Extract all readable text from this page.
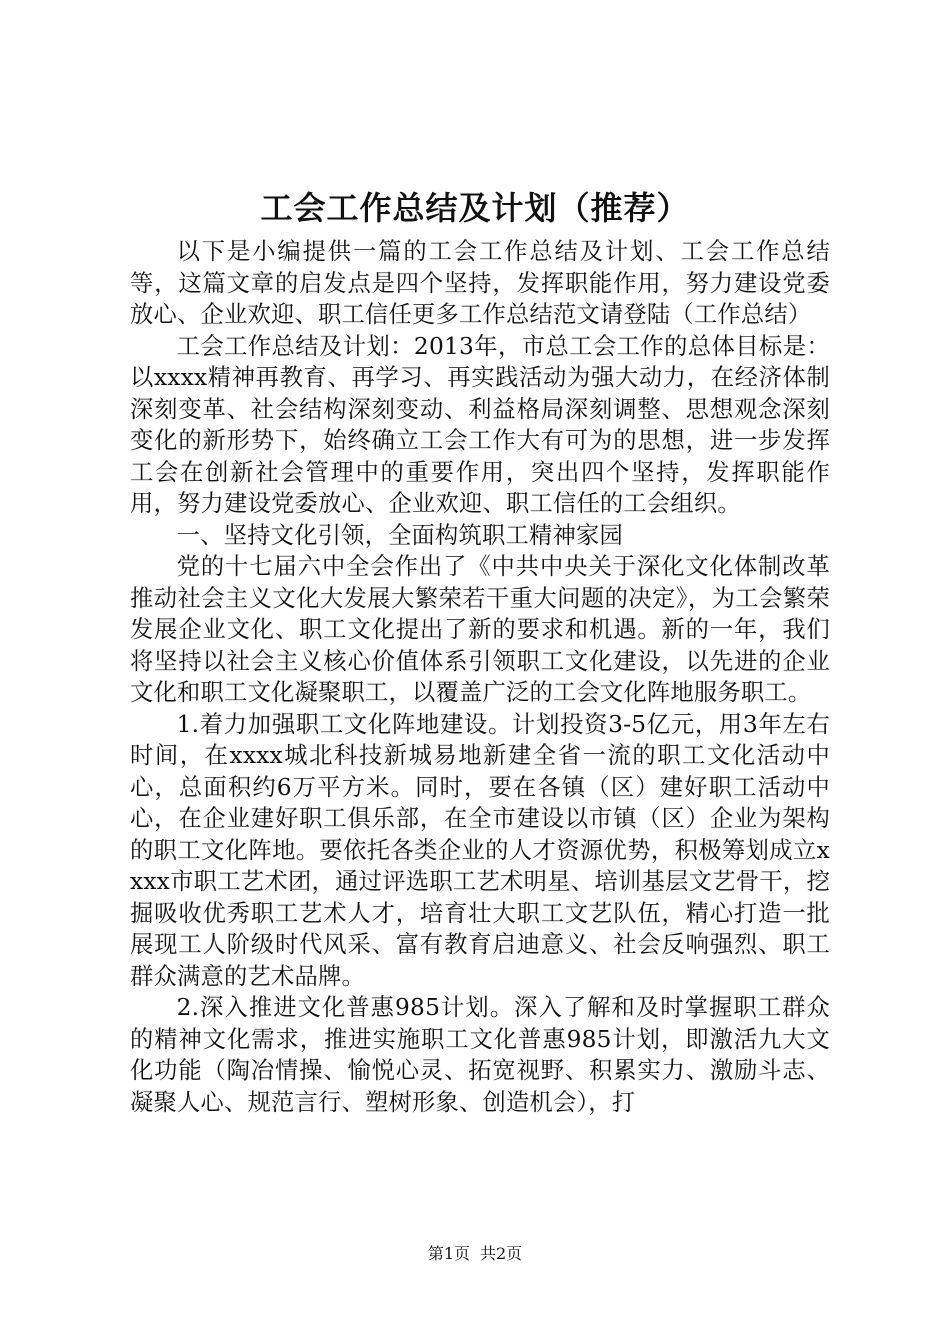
工会工作总结及计划（推荐）

以下是小编提供一篇的工会工作总结及计划、工会工作总结等，这篇文章的启发点是四个坚持，发挥职能作用，努力建设党委放心、企业欢迎、职工信任更多工作总结范文请登陆（工作总结）

工会工作总结及计划：2013年，市总工会工作的总体目标是：以xxxx精神再教育、再学习、再实践活动为强大动力，在经济体制深刻变革、社会结构深刻变动、利益格局深刻调整、思想观念深刻变化的新形势下，始终确立工会工作大有可为的思想，进一步发挥工会在创新社会管理中的重要作用，突出四个坚持，发挥职能作用，努力建设党委放心、企业欢迎、职工信任的工会组织。

一、坚持文化引领，全面构筑职工精神家园

党的十七届六中全会作出了《中共中央关于深化文化体制改革推动社会主义文化大发展大繁荣若干重大问题的决定》，为工会繁荣发展企业文化、职工文化提出了新的要求和机遇。新的一年，我们将坚持以社会主义核心价值体系引领职工文化建设，以先进的企业文化和职工文化凝聚职工，以覆盖广泛的工会文化阵地服务职工。

1.着力加强职工文化阵地建设。计划投资3-5亿元，用3年左右时间，在xxxx城北科技新城易地新建全省一流的职工文化活动中心，总面积约6万平方米。同时，要在各镇（区）建好职工活动中心，在企业建好职工俱乐部，在全市建设以市镇（区）企业为架构的职工文化阵地。要依托各类企业的人才资源优势，积极筹划成立xxxx市职工艺术团，通过评选职工艺术明星、培训基层文艺骨干，挖掘吸收优秀职工艺术人才，培育壮大职工文艺队伍，精心打造一批展现工人阶级时代风采、富有教育启迪意义、社会反响强烈、职工群众满意的艺术品牌。

2.深入推进文化普惠985计划。深入了解和及时掌握职工群众的精神文化需求，推进实施职工文化普惠985计划，即激活九大文化功能（陶冶情操、愉悦心灵、拓宽视野、积累实力、激励斗志、凝聚人心、规范言行、塑树形象、创造机会），打

第1页 共2页
